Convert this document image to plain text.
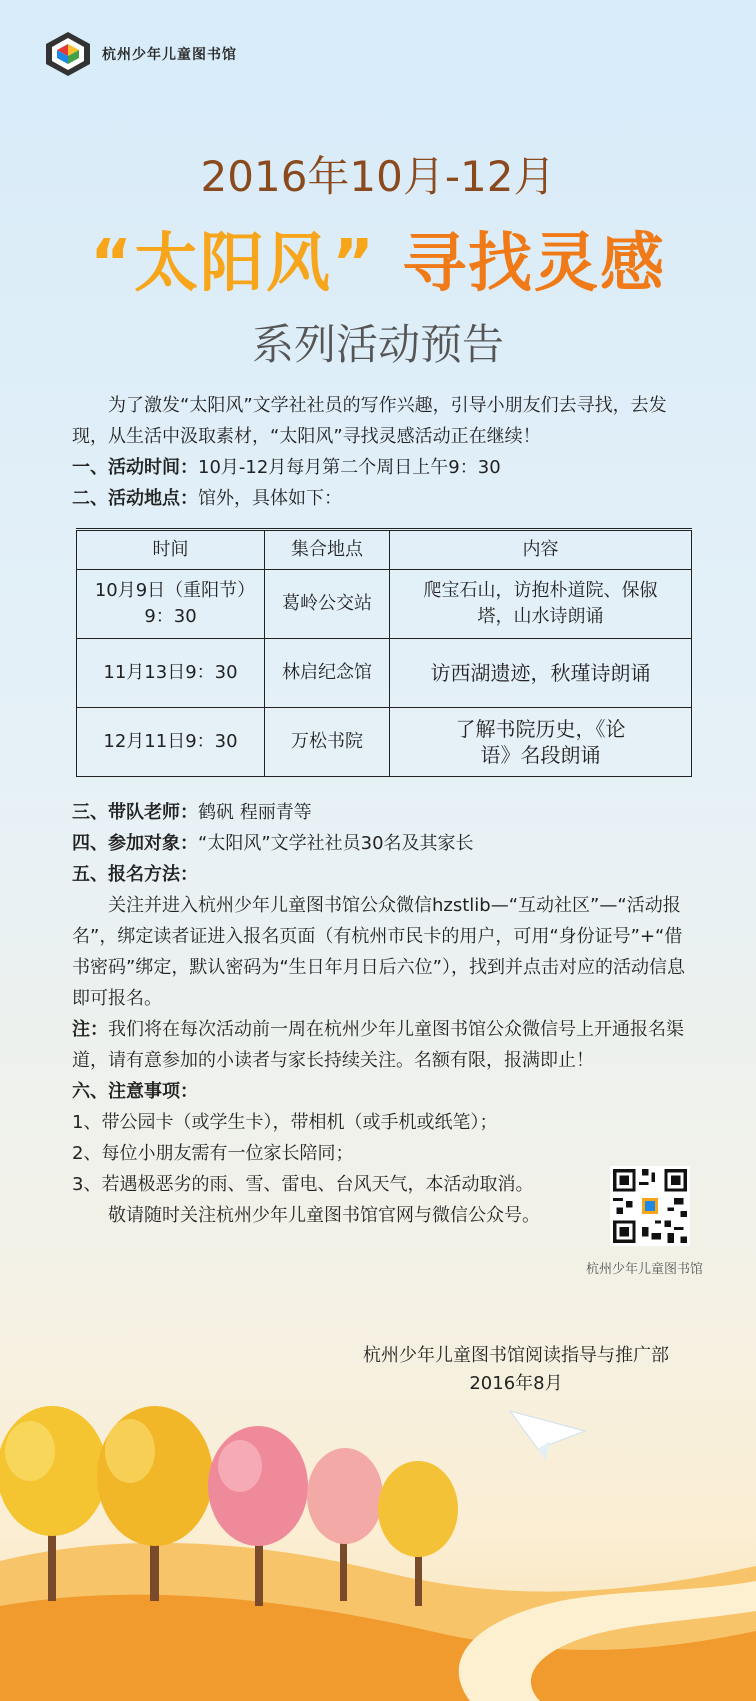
杭州少年儿童图书馆
2016年10月-12月
“太阳风” 寻找灵感
系列活动预告

为了激发“太阳风”文学社社员的写作兴趣，引导小朋友们去寻找，去发现，从生活中汲取素材，“太阳风”寻找灵感活动正在继续！

一、活动时间：10月-12月每月第二个周日上午9：30

二、活动地点：馆外，具体如下：

时间	集合地点	内容
10月9日（重阳节）9：30	葛岭公交站	爬宝石山，访抱朴道院、保俶塔，山水诗朗诵
11月13日9：30	林启纪念馆	访西湖遗迹，秋瑾诗朗诵
12月11日9：30	万松书院	了解书院历史，《论语》名段朗诵

三、带队老师：鹤矾 程丽青等

四、参加对象：“太阳风”文学社社员30名及其家长

五、报名方法：

关注并进入杭州少年儿童图书馆公众微信hzstlib—“互动社区”—“活动报名”，绑定读者证进入报名页面（有杭州市民卡的用户，可用“身份证号”+“借书密码”绑定，默认密码为“生日年月日后六位”），找到并点击对应的活动信息即可报名。

注：我们将在每次活动前一周在杭州少年儿童图书馆公众微信号上开通报名渠道，请有意参加的小读者与家长持续关注。名额有限，报满即止！

六、注意事项：

1、带公园卡（或学生卡），带相机（或手机或纸笔）；

2、每位小朋友需有一位家长陪同；

3、若遇极恶劣的雨、雪、雷电、台风天气，本活动取消。

敬请随时关注杭州少年儿童图书馆官网与微信公众号。

杭州少年儿童图书馆
杭州少年儿童图书馆阅读指导与推广部
2016年8月
